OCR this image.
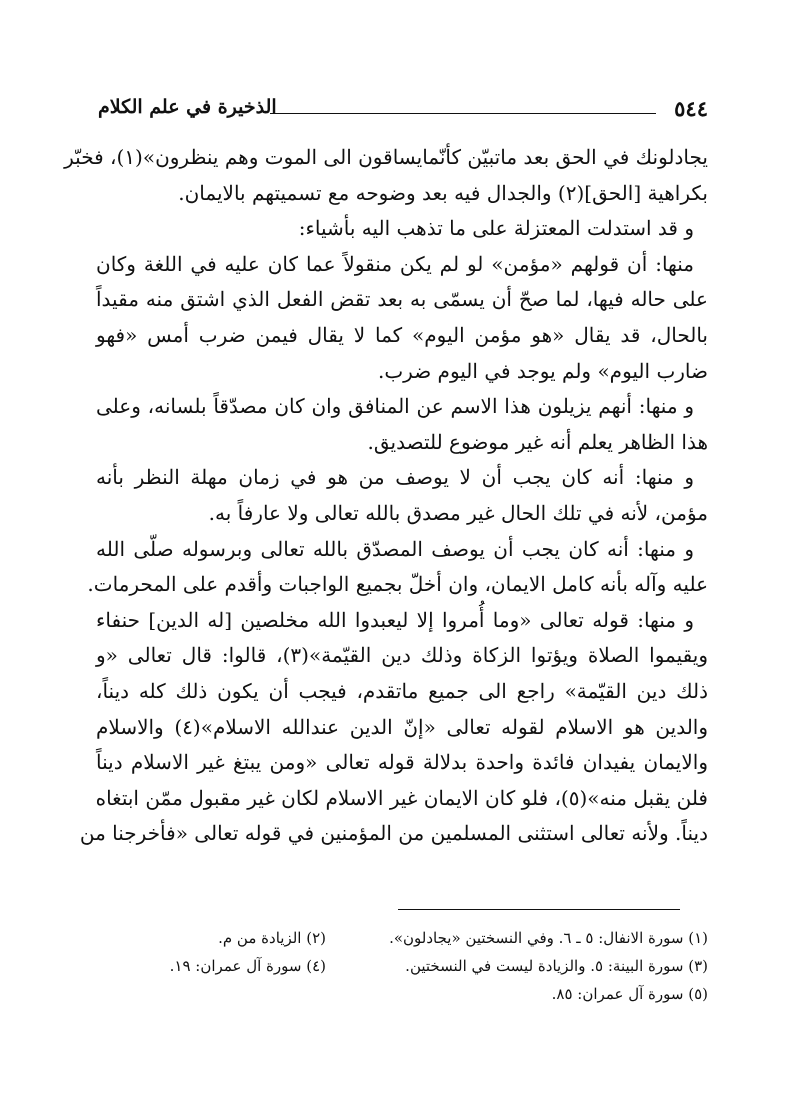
٥٤٤
الذخيرة في علم الكلام
يجادلونك في الحق بعد ماتبيّن كأنّمايساقون الى الموت وهم ينظرون»(١)، فخبّر
بكراهية [الحق](٢) والجدال فيه بعد وضوحه مع تسميتهم بالايمان.
و قد استدلت المعتزلة على ما تذهب اليه بأشياء:
منها: أن قولهم «مؤمن» لو لم يكن منقولاً عما كان عليه في اللغة وكان
على حاله فيها، لما صحّ أن يسمّى به بعد تقض الفعل الذي اشتق منه مقيداً
بالحال، قد يقال «هو مؤمن اليوم» كما لا يقال فيمن ضرب أمس «فهو
ضارب اليوم» ولم يوجد في اليوم ضرب.
و منها: أنهم يزيلون هذا الاسم عن المنافق وان كان مصدّقاً بلسانه، وعلى
هذا الظاهر يعلم أنه غير موضوع للتصديق.
و منها: أنه كان يجب أن لا يوصف من هو في زمان مهلة النظر بأنه
مؤمن، لأنه في تلك الحال غير مصدق بالله تعالى ولا عارفاً به.
و منها: أنه كان يجب أن يوصف المصدّق بالله تعالى وبرسوله صلّى الله
عليه وآله بأنه كامل الايمان، وان أخلّ بجميع الواجبات وأقدم على المحرمات.
و منها: قوله تعالى «وما أُمروا إلا ليعبدوا الله مخلصين [له الدين] حنفاء
ويقيموا الصلاة ويؤتوا الزكاة وذلك دين القيّمة»(٣)، قالوا: قال تعالى «و
ذلك دين القيّمة» راجع الى جميع ماتقدم، فيجب أن يكون ذلك كله ديناً،
والدين هو الاسلام لقوله تعالى «إنّ الدين عندالله الاسلام»(٤) والاسلام
والايمان يفيدان فائدة واحدة بدلالة قوله تعالى «ومن يبتغ غير الاسلام ديناً
فلن يقبل منه»(٥)، فلو كان الايمان غير الاسلام لكان غير مقبول ممّن ابتغاه
ديناً. ولأنه تعالى استثنى المسلمين من المؤمنين في قوله تعالى «فأخرجنا من
(١) سورة الانفال: ٥ ـ ٦. وفي النسختين «يجادلون».
(٢) الزيادة من م.
(٣) سورة البينة: ٥. والزيادة ليست في النسختين.
(٤) سورة آل عمران: ١٩.
(٥) سورة آل عمران: ٨٥.
